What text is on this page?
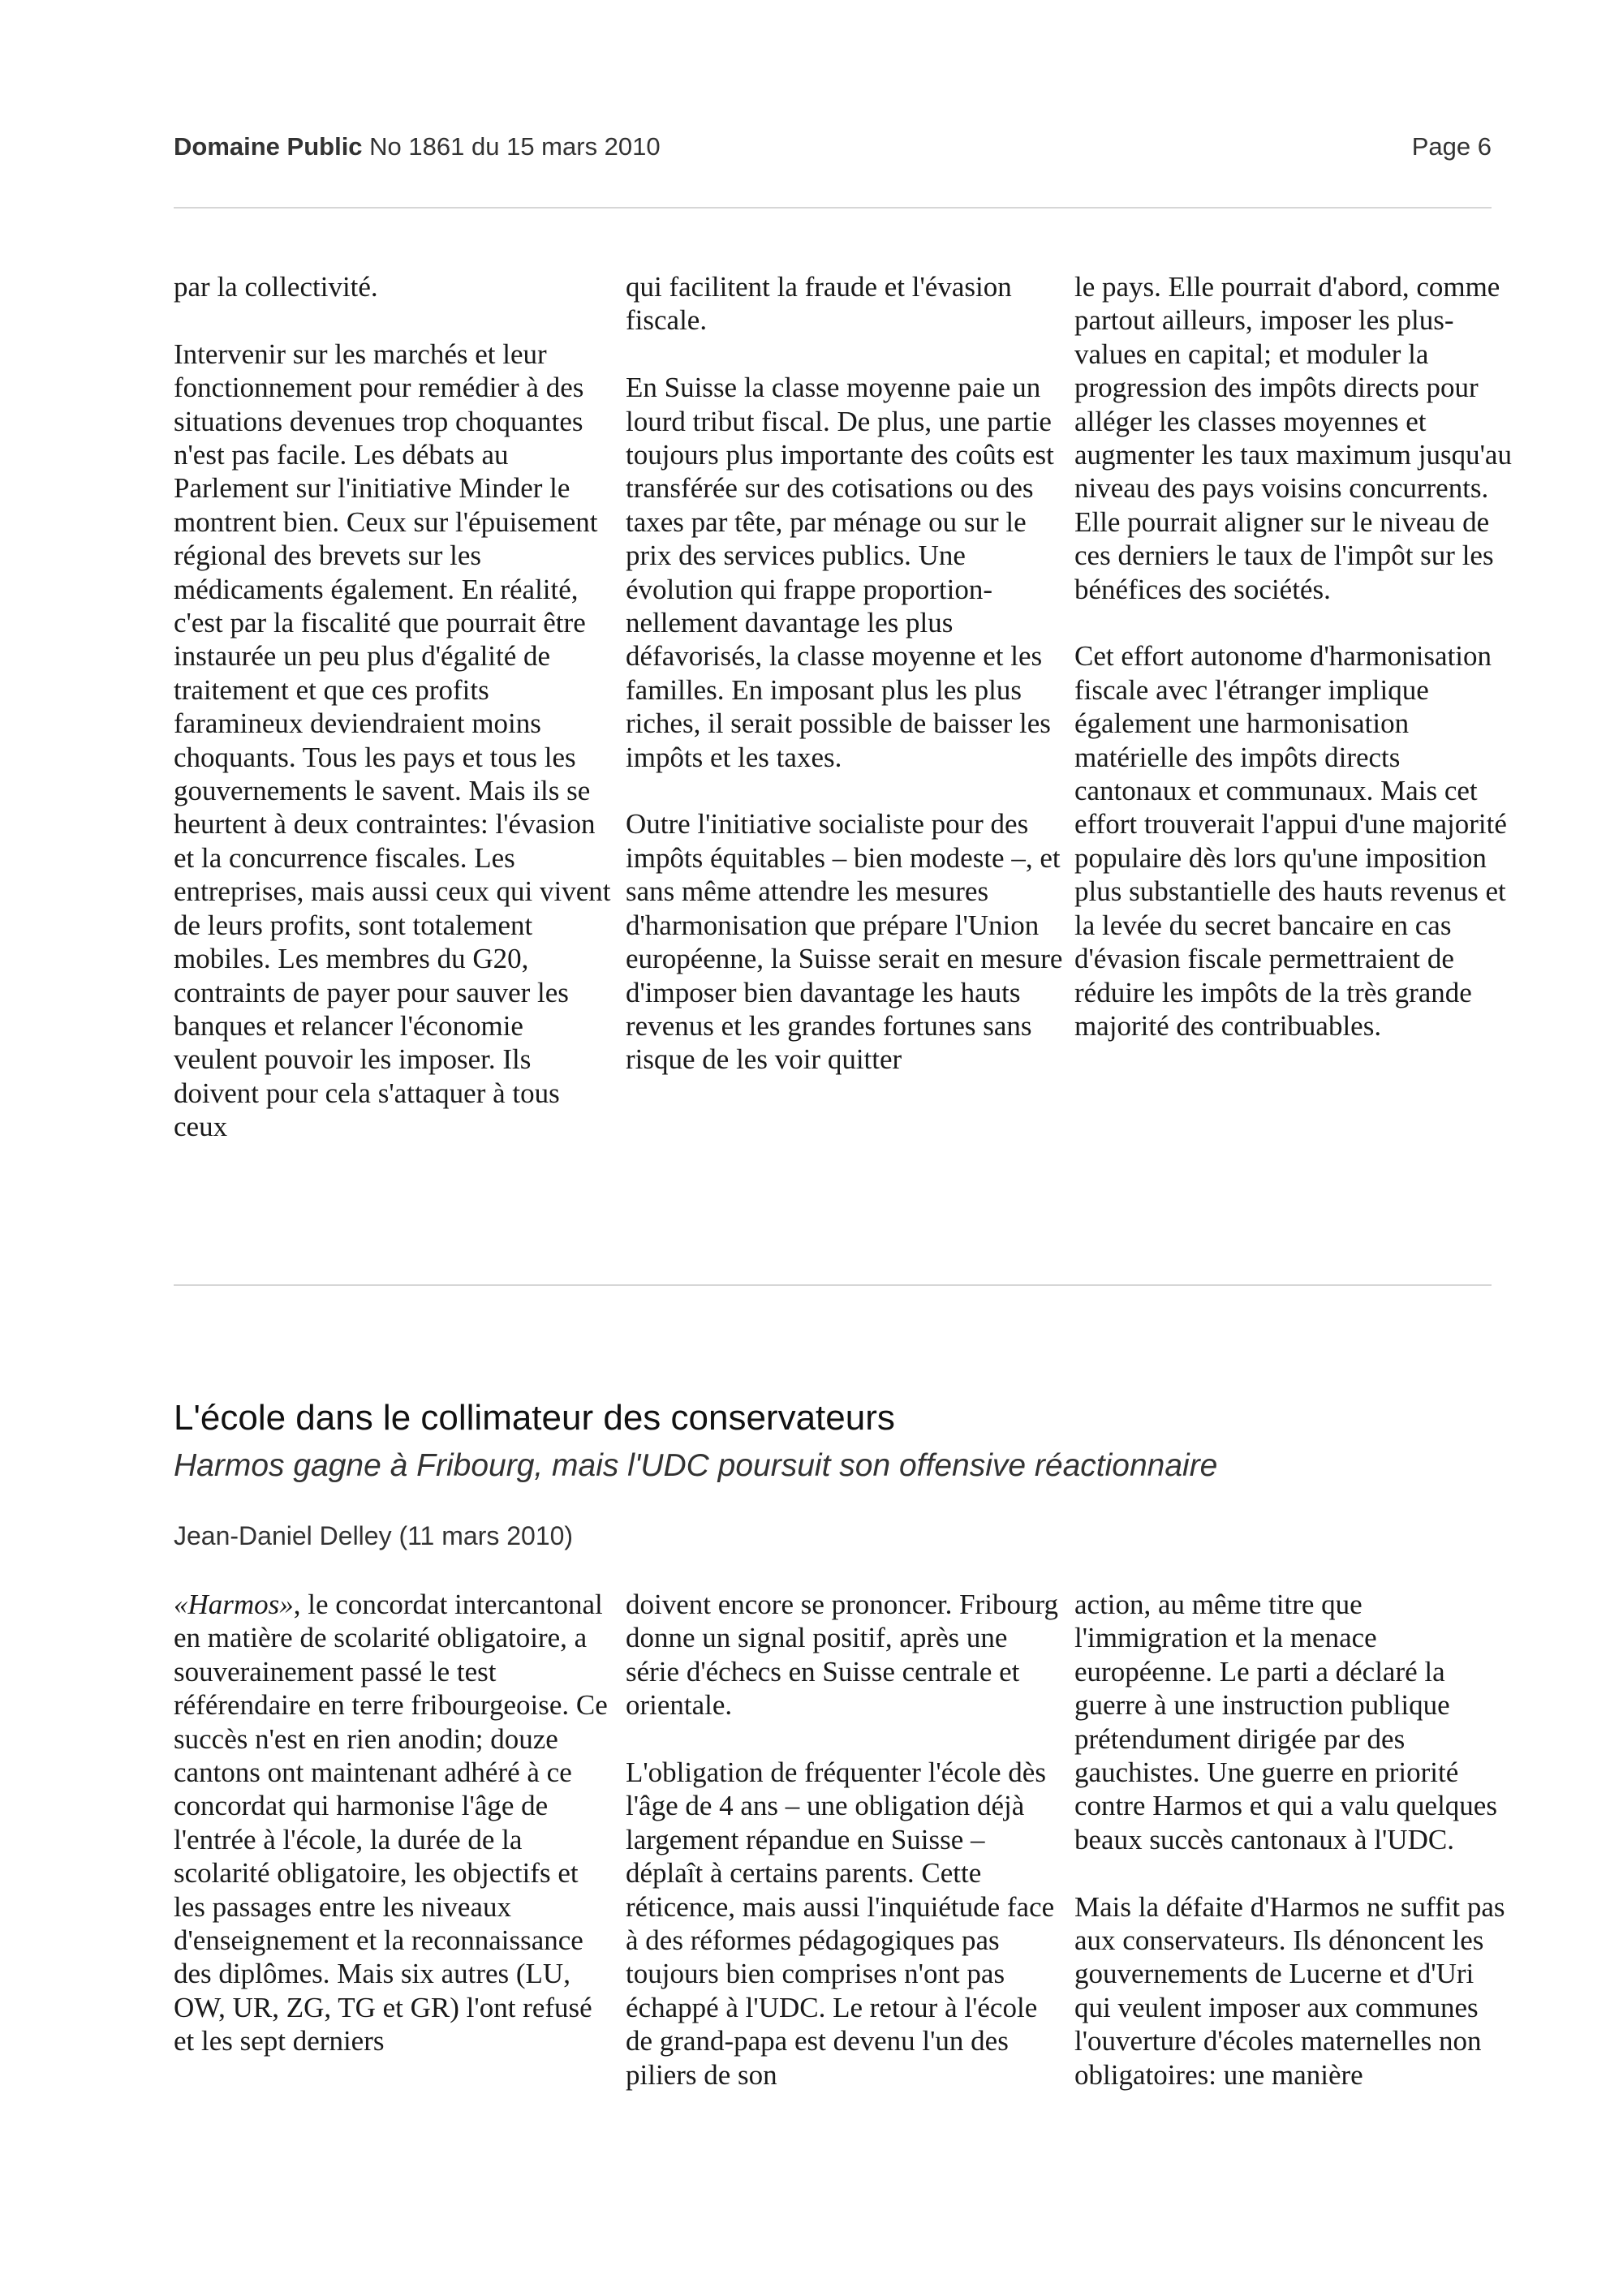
Domaine Public No 1861 du 15 mars 2010	Page 6

par la collectivité.

Intervenir sur les marchés et leur fonctionnement pour remédier à des situations devenues trop choquantes n'est pas facile. Les débats au Parlement sur l'initiative Minder le montrent bien. Ceux sur l'épuisement régional des brevets sur les médicaments également. En réalité, c'est par la fiscalité que pourrait être instaurée un peu plus d'égalité de traitement et que ces profits faramineux deviendraient moins choquants. Tous les pays et tous les gouvernements le savent. Mais ils se heurtent à deux contraintes: l'évasion et la concurrence fiscales. Les entreprises, mais aussi ceux qui vivent de leurs profits, sont totalement mobiles. Les membres du G20, contraints de payer pour sauver les banques et relancer l'économie veulent pouvoir les imposer. Ils doivent pour cela s'attaquer à tous ceux

qui facilitent la fraude et l'évasion fiscale.

En Suisse la classe moyenne paie un lourd tribut fiscal. De plus, une partie toujours plus importante des coûts est transférée sur des cotisations ou des taxes par tête, par ménage ou sur le prix des services publics. Une évolution qui frappe proportion-nellement davantage les plus défavorisés, la classe moyenne et les familles. En imposant plus les plus riches, il serait possible de baisser les impôts et les taxes.

Outre l'initiative socialiste pour des impôts équitables – bien modeste –, et sans même attendre les mesures d'harmonisation que prépare l'Union européenne, la Suisse serait en mesure d'imposer bien davantage les hauts revenus et les grandes fortunes sans risque de les voir quitter

le pays. Elle pourrait d'abord, comme partout ailleurs, imposer les plus-values en capital; et moduler la progression des impôts directs pour alléger les classes moyennes et augmenter les taux maximum jusqu'au niveau des pays voisins concurrents. Elle pourrait aligner sur le niveau de ces derniers le taux de l'impôt sur les bénéfices des sociétés.

Cet effort autonome d'harmonisation fiscale avec l'étranger implique également une harmonisation matérielle des impôts directs cantonaux et communaux. Mais cet effort trouverait l'appui d'une majorité populaire dès lors qu'une imposition plus substantielle des hauts revenus et la levée du secret bancaire en cas d'évasion fiscale permettraient de réduire les impôts de la très grande majorité des contribuables.

L'école dans le collimateur des conservateurs
Harmos gagne à Fribourg, mais l'UDC poursuit son offensive réactionnaire
Jean-Daniel Delley (11 mars 2010)

«Harmos», le concordat intercantonal en matière de scolarité obligatoire, a souverainement passé le test référendaire en terre fribourgeoise. Ce succès n'est en rien anodin; douze cantons ont maintenant adhéré à ce concordat qui harmonise l'âge de l'entrée à l'école, la durée de la scolarité obligatoire, les objectifs et les passages entre les niveaux d'enseignement et la reconnaissance des diplômes. Mais six autres (LU, OW, UR, ZG, TG et GR) l'ont refusé et les sept derniers

doivent encore se prononcer. Fribourg donne un signal positif, après une série d'échecs en Suisse centrale et orientale.

L'obligation de fréquenter l'école dès l'âge de 4 ans – une obligation déjà largement répandue en Suisse – déplaît à certains parents. Cette réticence, mais aussi l'inquiétude face à des réformes pédagogiques pas toujours bien comprises n'ont pas échappé à l'UDC. Le retour à l'école de grand-papa est devenu l'un des piliers de son

action, au même titre que l'immigration et la menace européenne. Le parti a déclaré la guerre à une instruction publique prétendument dirigée par des gauchistes. Une guerre en priorité contre Harmos et qui a valu quelques beaux succès cantonaux à l'UDC.

Mais la défaite d'Harmos ne suffit pas aux conservateurs. Ils dénoncent les gouvernements de Lucerne et d'Uri qui veulent imposer aux communes l'ouverture d'écoles maternelles non obligatoires: une manière
